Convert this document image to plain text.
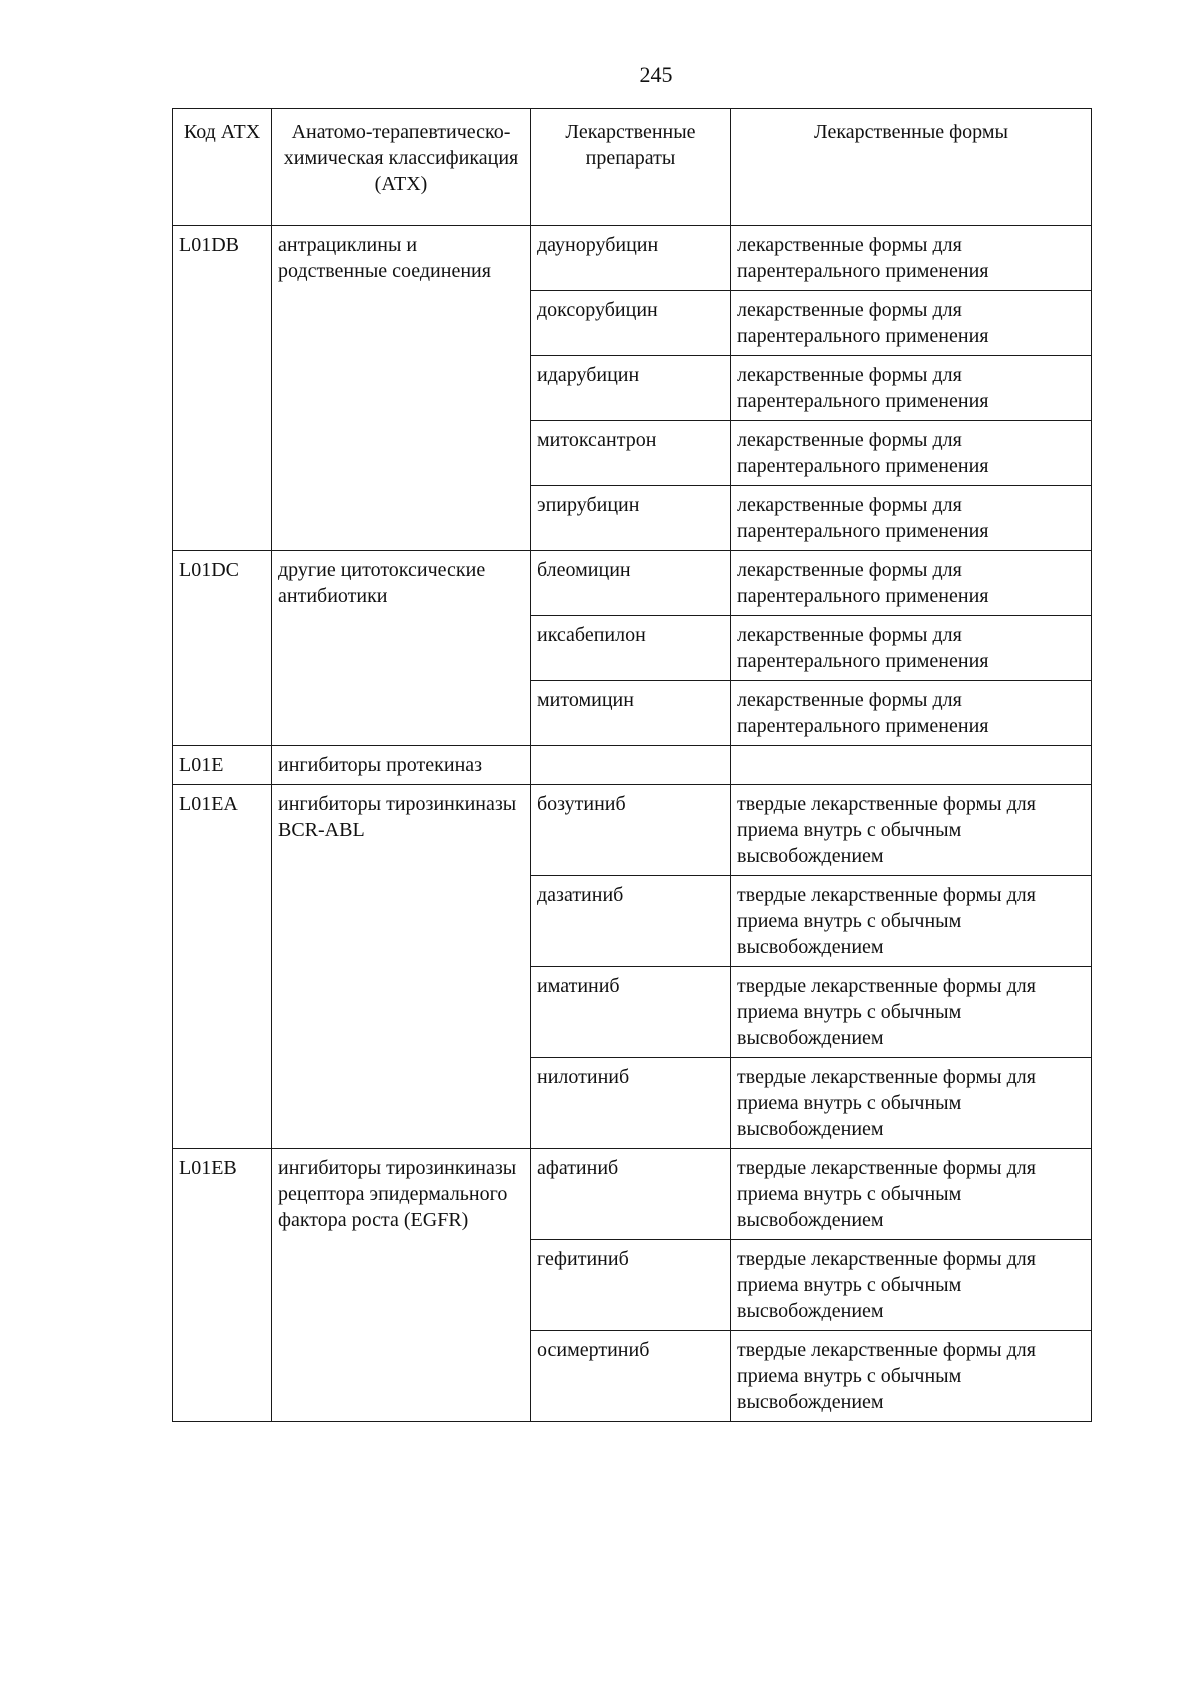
245
Код АТХ	Анатомо-терапевтическо-химическая классификация (АТХ)	Лекарственные препараты	Лекарственные формы
L01DB	антрациклины и родственные соединения	даунорубицин	лекарственные формы для парентерального применения
		доксорубицин	лекарственные формы для парентерального применения
		идарубицин	лекарственные формы для парентерального применения
		митоксантрон	лекарственные формы для парентерального применения
		эпирубицин	лекарственные формы для парентерального применения
L01DC	другие цитотоксические антибиотики	блеомицин	лекарственные формы для парентерального применения
		иксабепилон	лекарственные формы для парентерального применения
		митомицин	лекарственные формы для парентерального применения
L01E	ингибиторы протекиназ		
L01EA	ингибиторы тирозинкиназы BCR-ABL	бозутиниб	твердые лекарственные формы для приема внутрь с обычным высвобождением
		дазатиниб	твердые лекарственные формы для приема внутрь с обычным высвобождением
		иматиниб	твердые лекарственные формы для приема внутрь с обычным высвобождением
		нилотиниб	твердые лекарственные формы для приема внутрь с обычным высвобождением
L01EB	ингибиторы тирозинкиназы рецептора эпидермального фактора роста (EGFR)	афатиниб	твердые лекарственные формы для приема внутрь с обычным высвобождением
		гефитиниб	твердые лекарственные формы для приема внутрь с обычным высвобождением
		осимертиниб	твердые лекарственные формы для приема внутрь с обычным высвобождением
